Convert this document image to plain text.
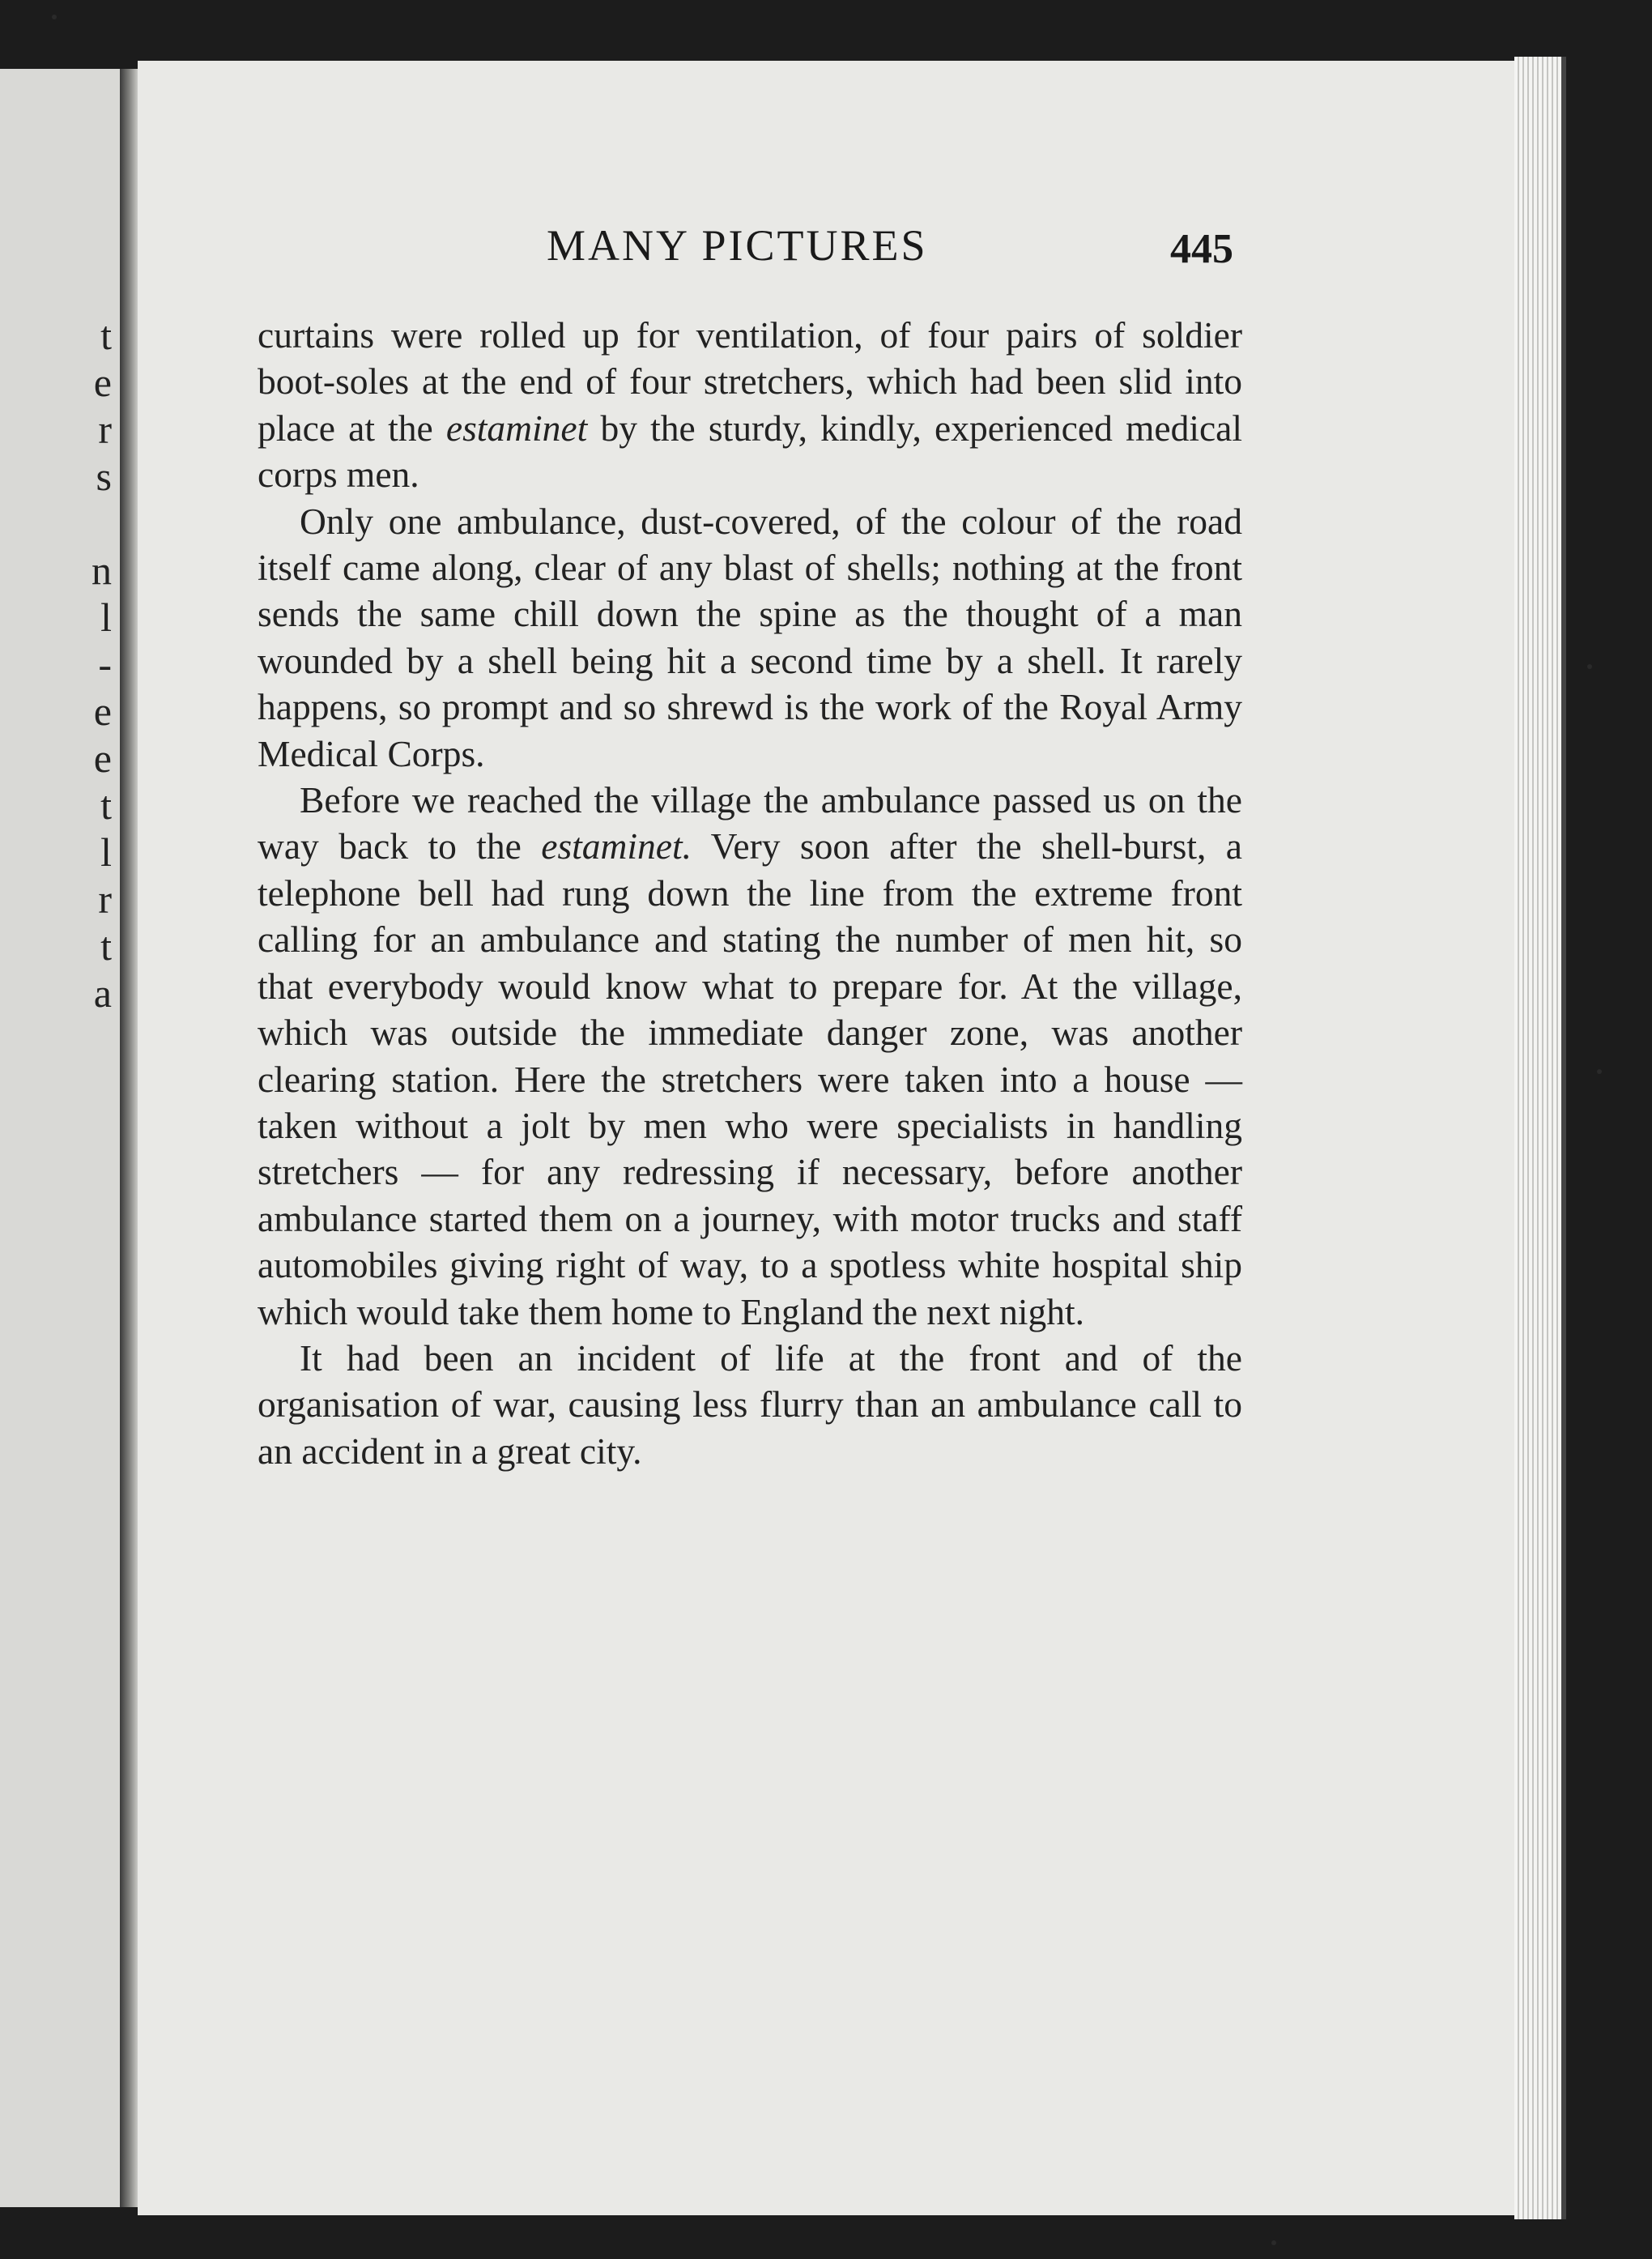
t
e
r
s
n
l
-
e
e
t
l
r
t
a
MANY PICTURES	445

curtains were rolled up for ventilation, of four pairs of soldier boot-soles at the end of four stretchers, which had been slid into place at the estaminet by the sturdy, kindly, experienced medical corps men.

Only one ambulance, dust-covered, of the colour of the road itself came along, clear of any blast of shells; nothing at the front sends the same chill down the spine as the thought of a man wounded by a shell being hit a second time by a shell. It rarely happens, so prompt and so shrewd is the work of the Royal Army Medical Corps.

Before we reached the village the ambulance passed us on the way back to the estaminet. Very soon after the shell-burst, a telephone bell had rung down the line from the extreme front calling for an ambulance and stating the number of men hit, so that everybody would know what to prepare for. At the village, which was outside the immediate danger zone, was another clearing station. Here the stretchers were taken into a house — taken without a jolt by men who were specialists in handling stretchers — for any redressing if necessary, before another ambulance started them on a journey, with motor trucks and staff automobiles giving right of way, to a spotless white hospital ship which would take them home to England the next night.

It had been an incident of life at the front and of the organisation of war, causing less flurry than an ambulance call to an accident in a great city.
